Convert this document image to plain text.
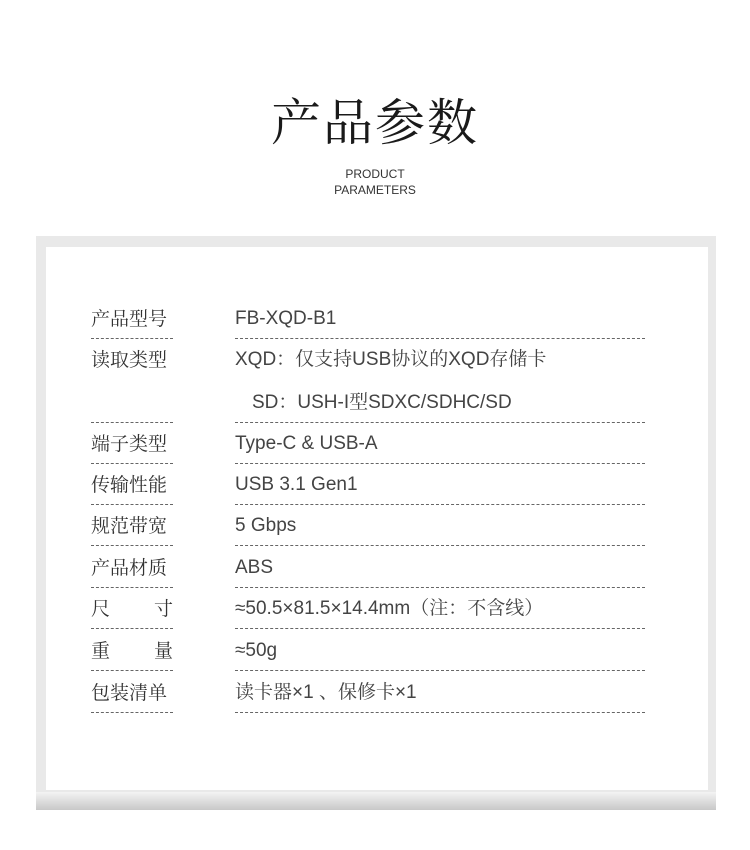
产品参数
PRODUCT
PARAMETERS
产品型号	FB-XQD-B1
读取类型	XQD：仅支持USB协议的XQD存储卡
SD：USH-I型SDXC/SDHC/SD
端子类型	Type-C & USB-A
传输性能	USB 3.1 Gen1
规范带宽	5 Gbps
产品材质	ABS
尺 寸	≈50.5×81.5×14.4mm（注：不含线）
重 量	≈50g
包装清单	读卡器×1 、保修卡×1
